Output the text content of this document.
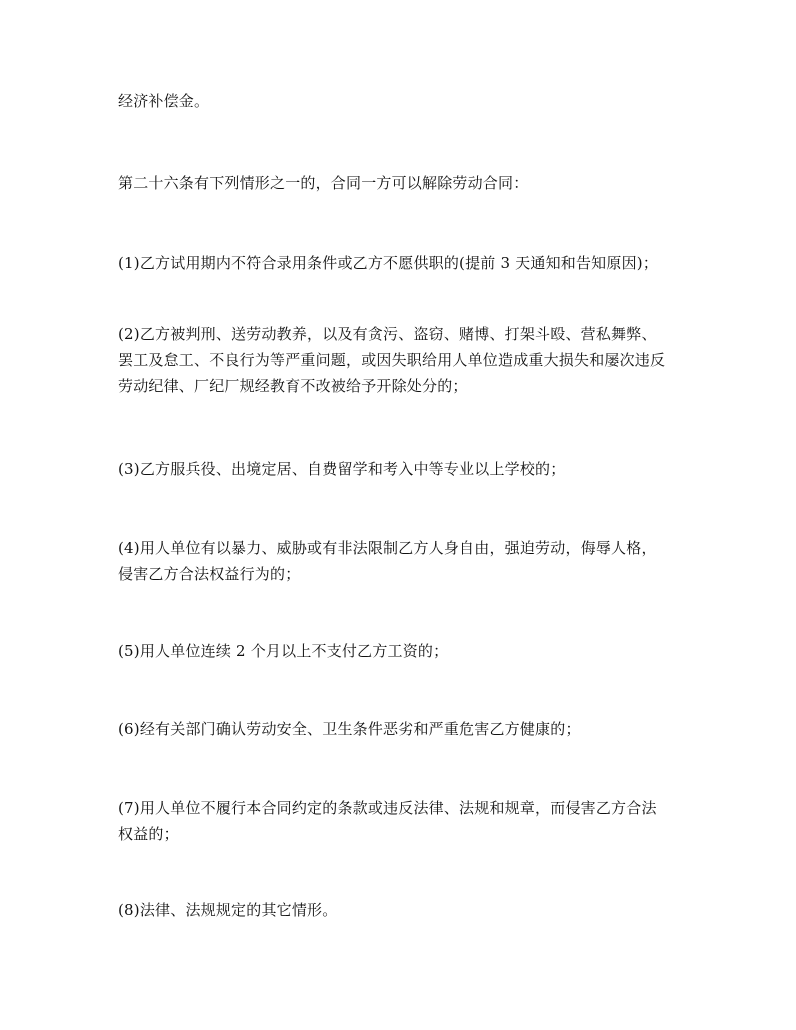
经济补偿金。

第二十六条有下列情形之一的，合同一方可以解除劳动合同：

(1)乙方试用期内不符合录用条件或乙方不愿供职的(提前 3 天通知和告知原因)；

(2)乙方被判刑、送劳动教养，以及有贪污、盗窃、赌博、打架斗殴、营私舞弊、
罢工及怠工、不良行为等严重问题，或因失职给用人单位造成重大损失和屡次违反
劳动纪律、厂纪厂规经教育不改被给予开除处分的；

(3)乙方服兵役、出境定居、自费留学和考入中等专业以上学校的；

(4)用人单位有以暴力、威胁或有非法限制乙方人身自由，强迫劳动，侮辱人格，
侵害乙方合法权益行为的；

(5)用人单位连续 2 个月以上不支付乙方工资的；

(6)经有关部门确认劳动安全、卫生条件恶劣和严重危害乙方健康的；

(7)用人单位不履行本合同约定的条款或违反法律、法规和规章，而侵害乙方合法
权益的；

(8)法律、法规规定的其它情形。
